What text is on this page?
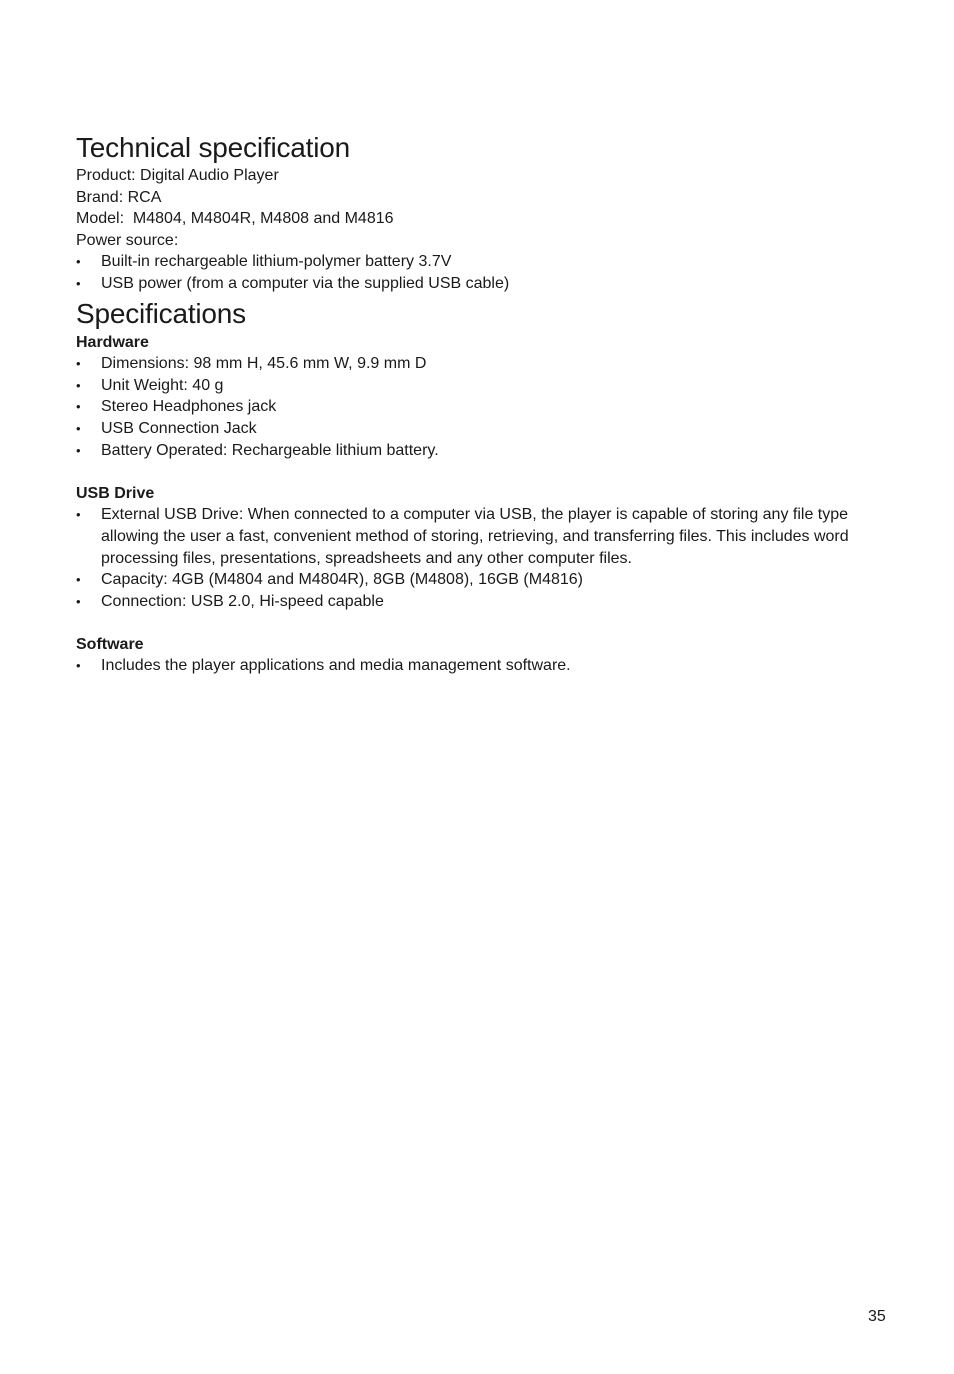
Technical specification

Product: Digital Audio Player

Brand: RCA

Model:  M4804, M4804R, M4808 and M4816

Power source:

• Built-in rechargeable lithium-polymer battery 3.7V
• USB power (from a computer via the supplied USB cable)
Specifications

Hardware

• Dimensions: 98 mm H, 45.6 mm W, 9.9 mm D
• Unit Weight: 40 g
• Stereo Headphones jack
• USB Connection Jack
• Battery Operated: Rechargeable lithium battery.

USB Drive

• External USB Drive: When connected to a computer via USB, the player is capable of storing any file type allowing the user a fast, convenient method of storing, retrieving, and transferring files. This includes word processing files, presentations, spreadsheets and any other computer files.
• Capacity: 4GB (M4804 and M4804R), 8GB (M4808), 16GB (M4816)
• Connection: USB 2.0, Hi-speed capable

Software

• Includes the player applications and media management software.
35
